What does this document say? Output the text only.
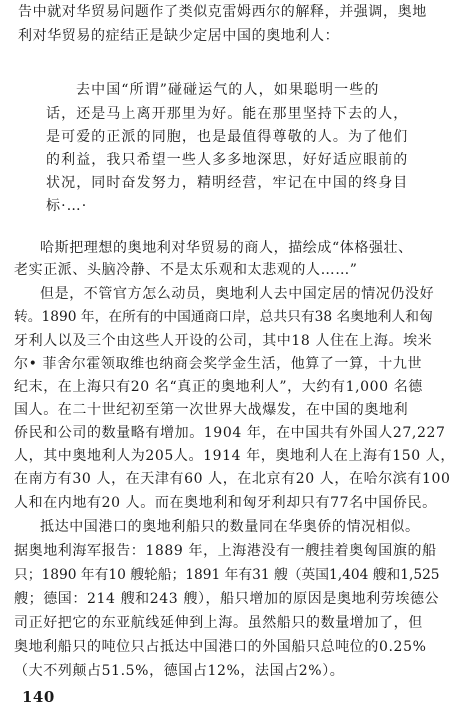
告中就对华贸易问题作了类似克雷姆西尔的解释，并强调，奥地
利对华贸易的症结正是缺少定居中国的奥地利人：
去中国“所谓”碰碰运气的人，如果聪明一些的
话，还是马上离开那里为好。能在那里坚持下去的人，
是可爱的正派的同胞，也是最值得尊敬的人。为了他们
的利益，我只希望一些人多多地深思，好好适应眼前的
状况，同时奋发努力，精明经营，牢记在中国的终身目
标·…·
哈斯把理想的奥地利对华贸易的商人，描绘成“体格强壮、
老实正派、头脑冷静、不是太乐观和太悲观的人……”
但是，不管官方怎么动员，奥地利人去中国定居的情况仍没好
转。1890 年，在所有的中国通商口岸，总共只有38 名奥地利人和匈
牙利人以及三个由这些人开设的公司，其中18 人住在上海。埃米
尔• 菲舍尔霍领取维也纳商会奖学金生活，他算了一算，十九世
纪末，在上海只有20 名“真正的奥地利人”，大约有1,000 名德
国人。在二十世纪初至第一次世界大战爆发，在中国的奥地利
侨民和公司的数量略有增加。1904 年，在中国共有外国人27,227
人，其中奥地利人为205人。1914 年，奥地利人在上海有150 人，
在南方有30 人，在天津有60 人，在北京有20 人，在哈尔滨有100
人和在内地有20 人。而在奥地利和匈牙利却只有77名中国侨民。
抵达中国港口的奥地利船只的数量同在华奥侨的情况相似。
据奥地利海军报告：1889 年，上海港没有一艘挂着奥匈国旗的船
只；1890 年有10 艘轮船；1891 年有31 艘（英国1,404 艘和1,525
艘；德国：214 艘和243 艘），船只增加的原因是奥地利劳埃德公
司正好把它的东亚航线延伸到上海。虽然船只的数量增加了，但
奥地利船只的吨位只占抵达中国港口的外国船只总吨位的0.25%
（大不列颠占51.5%，德国占12%，法国占2%）。
140
